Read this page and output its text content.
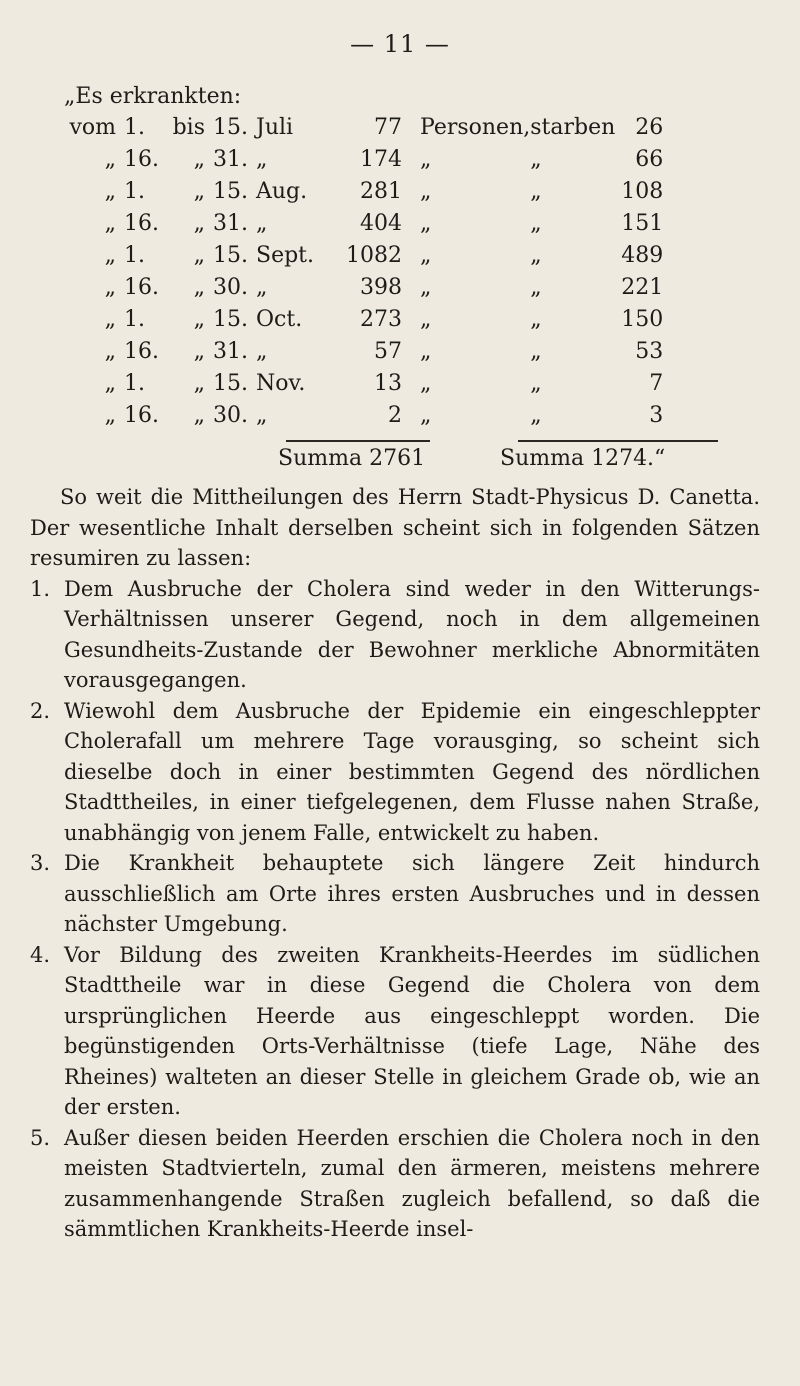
— 11 —
„Es erkrankten:
vom	1.	bis	15.	Juli	77	Personen,	starben	26
„	16.	„	31.	„	174	„	„	66
„	1.	„	15.	Aug.	281	„	„	108
„	16.	„	31.	„	404	„	„	151
„	1.	„	15.	Sept.	1082	„	„	489
„	16.	„	30.	„	398	„	„	221
„	1.	„	15.	Oct.	273	„	„	150
„	16.	„	31.	„	57	„	„	53
„	1.	„	15.	Nov.	13	„	„	7
„	16.	„	30.	„	2	„	„	3
Summa 2761	Summa 1274.“

So weit die Mittheilungen des Herrn Stadt-Physicus D. Canetta. Der wesentliche Inhalt derselben scheint sich in folgenden Sätzen resumiren zu lassen:

1. Dem Ausbruche der Cholera sind weder in den Witterungs-Verhältnissen unserer Gegend, noch in dem allgemeinen Gesundheits-Zustande der Bewohner merkliche Abnormitäten vorausgegangen.
2. Wiewohl dem Ausbruche der Epidemie ein eingeschleppter Cholerafall um mehrere Tage vorausging, so scheint sich dieselbe doch in einer bestimmten Gegend des nördlichen Stadttheiles, in einer tiefgelegenen, dem Flusse nahen Straße, unabhängig von jenem Falle, entwickelt zu haben.
3. Die Krankheit behauptete sich längere Zeit hindurch ausschließlich am Orte ihres ersten Ausbruches und in dessen nächster Umgebung.
4. Vor Bildung des zweiten Krankheits-Heerdes im südlichen Stadttheile war in diese Gegend die Cholera von dem ursprünglichen Heerde aus eingeschleppt worden. Die begünstigenden Orts-Verhältnisse (tiefe Lage, Nähe des Rheines) walteten an dieser Stelle in gleichem Grade ob, wie an der ersten.
5. Außer diesen beiden Heerden erschien die Cholera noch in den meisten Stadtvierteln, zumal den ärmeren, meistens mehrere zusammenhangende Straßen zugleich befallend, so daß die sämmtlichen Krankheits-Heerde insel-
